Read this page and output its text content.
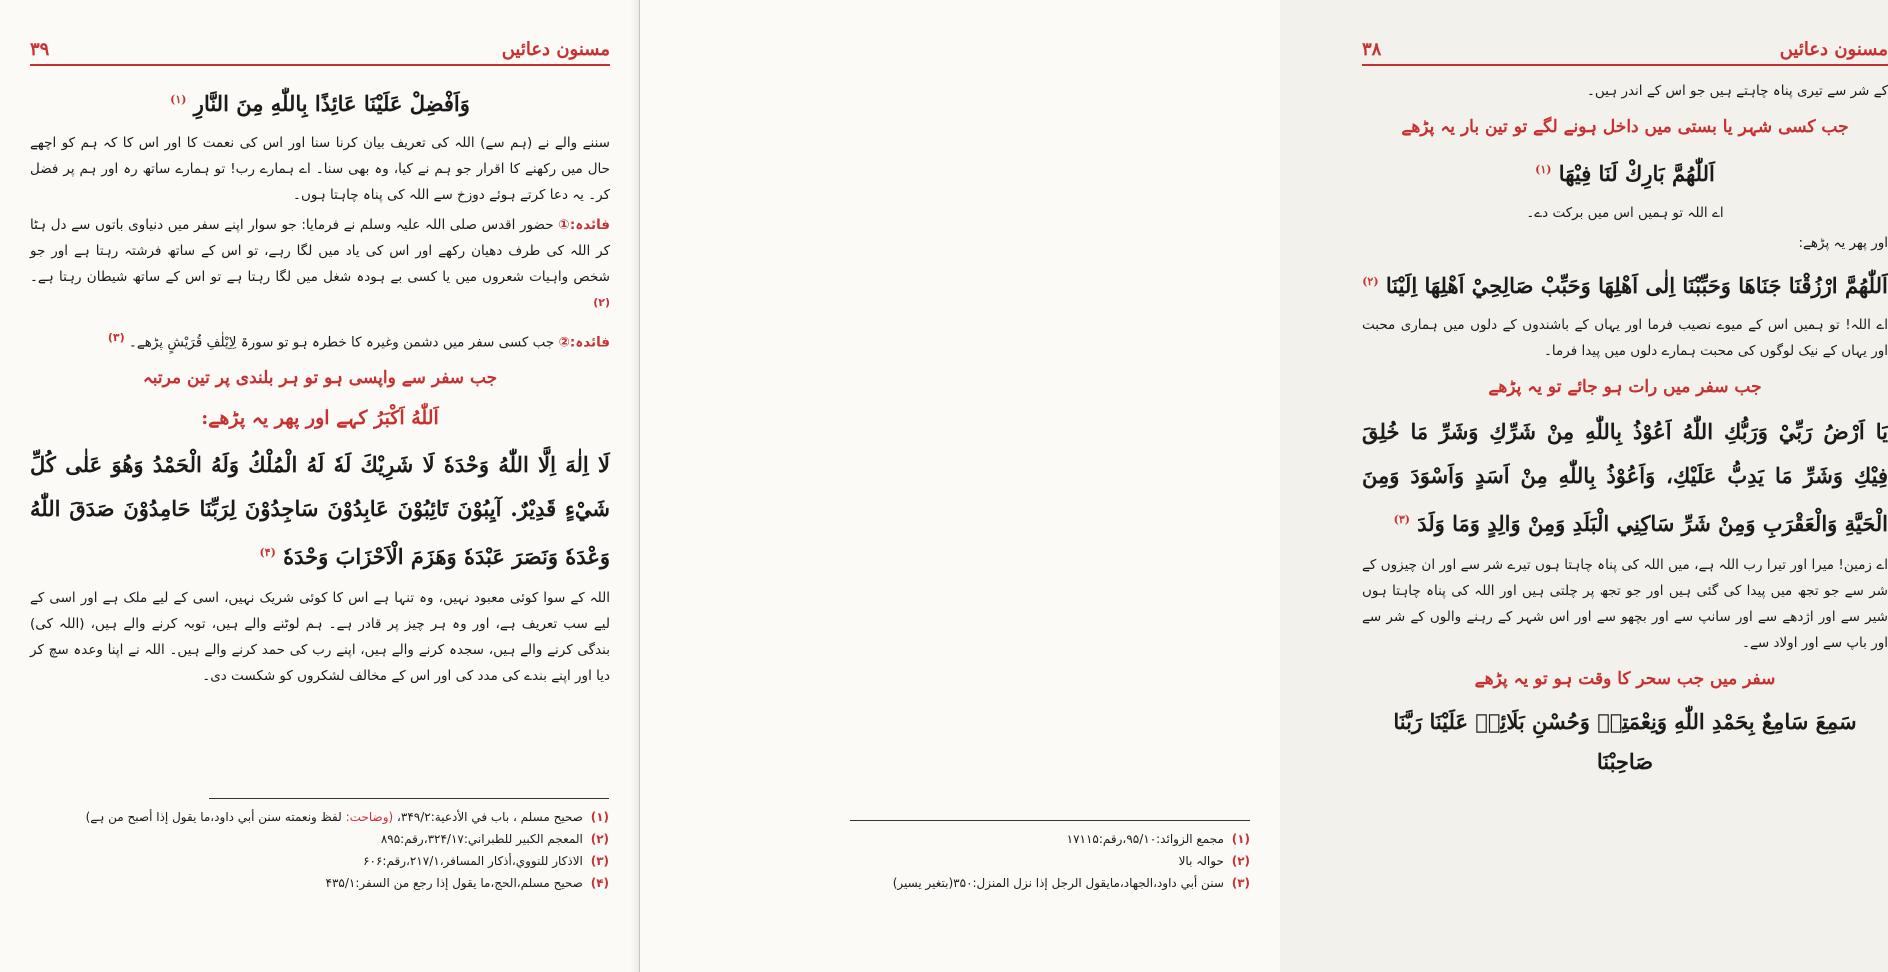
۳۹	مسنون دعائیں
وَاَفْضِلْ عَلَيْنَا عَائِذًا بِاللّٰهِ مِنَ النَّارِ $^{(۱)}$
سننے والے نے (ہم سے) اللہ کی تعریف بیان کرنا سنا اور اس کی نعمت کا اور اس کا کہ ہم کو اچھے حال میں رکھنے کا اقرار جو ہم نے کیا، وہ بھی سنا۔ اے ہمارے رب! تو ہمارے ساتھ رہ اور ہم پر فضل کر۔ یہ دعا کرتے ہوئے دوزخ سے اللہ کی پناہ چاہتا ہوں۔
فائدہ:① حضور اقدس صلی اللہ علیہ وسلم نے فرمایا: جو سوار اپنے سفر میں دنیاوی باتوں سے دل ہٹا کر اللہ کی طرف دھیان رکھے اور اس کی یاد میں لگا رہے، تو اس کے ساتھ فرشتہ رہتا ہے اور جو شخص واہیات شعروں میں یا کسی بے ہودہ شغل میں لگا رہتا ہے تو اس کے ساتھ شیطان رہتا ہے۔ $^{(۲)}$
فائدہ:② جب کسی سفر میں دشمن وغیرہ کا خطرہ ہو تو سورۃ لِاِیْلٰفِ قُرَیْشٍ پڑھے۔ $^{(۳)}$
جب سفر سے واپسی ہو تو ہر بلندی پر تین مرتبہ
اَللّٰهُ اَكْبَرُ کہے اور پھر یہ پڑھے:
لَا اِلٰهَ اِلَّا اللّٰهُ وَحْدَهٗ لَا شَرِيْكَ لَهٗ لَهُ الْمُلْكُ وَلَهُ الْحَمْدُ وَهُوَ عَلٰى كُلِّ شَيْءٍ قَدِيْرٌ. آيِبُوْنَ تَائِبُوْنَ عَابِدُوْنَ سَاجِدُوْنَ لِرَبِّنَا حَامِدُوْنَ صَدَقَ اللّٰهُ وَعْدَهٗ وَنَصَرَ عَبْدَهٗ وَهَزَمَ الْاَحْزَابَ وَحْدَهٗ $^{(۴)}$
اللہ کے سوا کوئی معبود نہیں، وہ تنہا ہے اس کا کوئی شریک نہیں، اسی کے لیے ملک ہے اور اسی کے لیے سب تعریف ہے، اور وہ ہر چیز پر قادر ہے۔ ہم لوٹنے والے ہیں، توبہ کرنے والے ہیں، (اللہ کی) بندگی کرنے والے ہیں، سجدہ کرنے والے ہیں، اپنے رب کی حمد کرنے والے ہیں۔ اللہ نے اپنا وعدہ سچ کر دیا اور اپنے بندے کی مدد کی اور اس کے مخالف لشکروں کو شکست دی۔
(۱) صحيح مسلم ، باب في الأدعية:۳۴۹/۲، (وضاحت: لفظ ونعمته سنن أبي داود،ما يقول إذا أصبح من ہے)
(۲) المعجم الكبير للطبراني:۳۲۴/۱۷،رقم:۸۹۵
(۳) الاذكار للنووي،أذكار المسافر،۲۱۷/۱،رقم:۶۰۶
(۴) صحيح مسلم،الحج،ما يقول إذا رجع من السفر:۴۳۵/۱
۳۸	مسنون دعائیں
کے شر سے تیری پناہ چاہتے ہیں جو اس کے اندر ہیں۔
جب کسی شہر یا بستی میں داخل ہونے لگے تو تین بار یہ پڑھے
اَللّٰهُمَّ بَارِكْ لَنَا فِيْهَا $^{(۱)}$
اے اللہ تو ہمیں اس میں برکت دے۔
اور پھر یہ پڑھے:
اَللّٰهُمَّ ارْزُقْنَا جَنَاهَا وَحَبِّبْنَا اِلٰى اَهْلِهَا وَحَبِّبْ صَالِحِيْ اَهْلِهَا اِلَيْنَا $^{(۲)}$
اے اللہ! تو ہمیں اس کے میوے نصیب فرما اور یہاں کے باشندوں کے دلوں میں ہماری محبت اور یہاں کے نیک لوگوں کی محبت ہمارے دلوں میں پیدا فرما۔
جب سفر میں رات ہو جائے تو یہ پڑھے
يَا اَرْضُ رَبِّيْ وَرَبُّكِ اللّٰهُ اَعُوْذُ بِاللّٰهِ مِنْ شَرِّكِ وَشَرِّ مَا خُلِقَ فِيْكِ وَشَرِّ مَا يَدِبُّ عَلَيْكِ، وَاَعُوْذُ بِاللّٰهِ مِنْ اَسَدٍ وَاَسْوَدَ وَمِنَ الْحَيَّةِ وَالْعَقْرَبِ وَمِنْ شَرِّ سَاكِنِي الْبَلَدِ وَمِنْ وَالِدٍ وَمَا وَلَدَ $^{(۳)}$
اے زمین! میرا اور تیرا رب اللہ ہے، میں اللہ کی پناہ چاہتا ہوں تیرے شر سے اور ان چیزوں کے شر سے جو تجھ میں پیدا کی گئی ہیں اور جو تجھ پر چلتی ہیں اور اللہ کی پناہ چاہتا ہوں شیر سے اور اژدھے سے اور سانپ سے اور بچھو سے اور اس شہر کے رہنے والوں کے شر سے اور باپ سے اور اولاد سے۔
سفر میں جب سحر کا وقت ہو تو یہ پڑھے
سَمِعَ سَامِعٌ بِحَمْدِ اللّٰهِ وَنِعْمَتِهٖ وَحُسْنِ بَلَائِهٖ عَلَيْنَا رَبَّنَا صَاحِبْنَا
(۱) مجمع الزوائد:۹۵/۱۰،رقم:۱۷۱۱۵
(۲) حوالہ بالا
(۳) سنن أبي داود،الجهاد،مايقول الرجل إذا نزل المنزل:۳۵۰(بتغير يسير)
